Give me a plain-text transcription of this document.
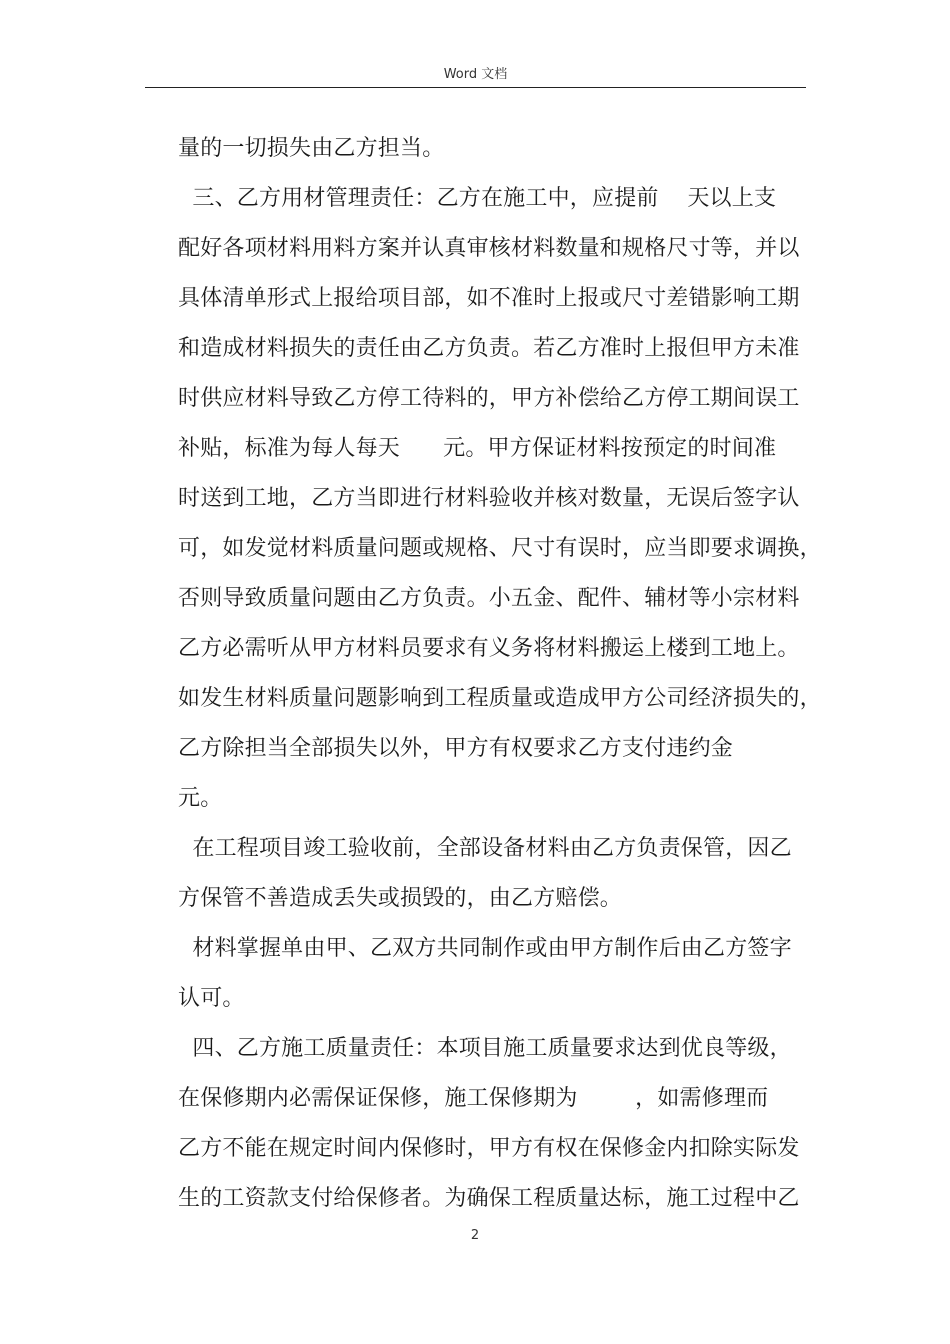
Word 文档
量的一切损失由乙方担当。
三、乙方用材管理责任：乙方在施工中，应提前    天以上支
配好各项材料用料方案并认真审核材料数量和规格尺寸等，并以
具体清单形式上报给项目部，如不准时上报或尺寸差错影响工期
和造成材料损失的责任由乙方负责。若乙方准时上报但甲方未准
时供应材料导致乙方停工待料的，甲方补偿给乙方停工期间误工
补贴，标准为每人每天      元。甲方保证材料按预定的时间准
时送到工地，乙方当即进行材料验收并核对数量，无误后签字认
可，如发觉材料质量问题或规格、尺寸有误时，应当即要求调换，
否则导致质量问题由乙方负责。小五金、配件、辅材等小宗材料
乙方必需听从甲方材料员要求有义务将材料搬运上楼到工地上。
如发生材料质量问题影响到工程质量或造成甲方公司经济损失的，
乙方除担当全部损失以外，甲方有权要求乙方支付违约金
元。
在工程项目竣工验收前，全部设备材料由乙方负责保管，因乙
方保管不善造成丢失或损毁的，由乙方赔偿。
材料掌握单由甲、乙双方共同制作或由甲方制作后由乙方签字
认可。
四、乙方施工质量责任：本项目施工质量要求达到优良等级，
在保修期内必需保证保修，施工保修期为        ，如需修理而
乙方不能在规定时间内保修时，甲方有权在保修金内扣除实际发
生的工资款支付给保修者。为确保工程质量达标，施工过程中乙
2
